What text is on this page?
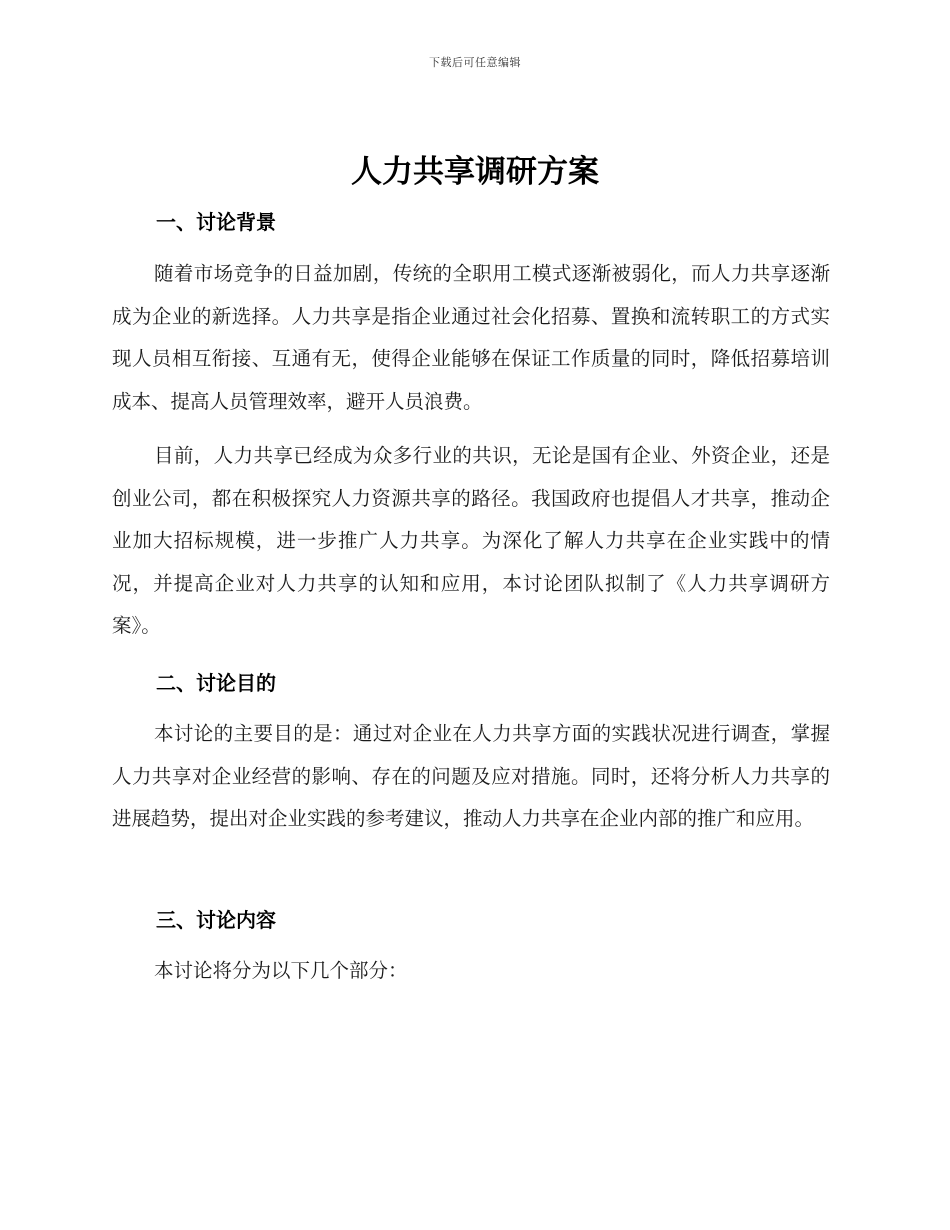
下载后可任意编辑
人力共享调研方案
一、讨论背景

随着市场竞争的日益加剧，传统的全职用工模式逐渐被弱化，而人力共享逐渐成为企业的新选择。人力共享是指企业通过社会化招募、置换和流转职工的方式实现人员相互衔接、互通有无，使得企业能够在保证工作质量的同时，降低招募培训成本、提高人员管理效率，避开人员浪费。

目前，人力共享已经成为众多行业的共识，无论是国有企业、外资企业，还是创业公司，都在积极探究人力资源共享的路径。我国政府也提倡人才共享，推动企业加大招标规模，进一步推广人力共享。为深化了解人力共享在企业实践中的情况，并提高企业对人力共享的认知和应用，本讨论团队拟制了《人力共享调研方案》。

二、讨论目的

本讨论的主要目的是：通过对企业在人力共享方面的实践状况进行调查，掌握人力共享对企业经营的影响、存在的问题及应对措施。同时，还将分析人力共享的进展趋势，提出对企业实践的参考建议，推动人力共享在企业内部的推广和应用。

三、讨论内容

本讨论将分为以下几个部分：
